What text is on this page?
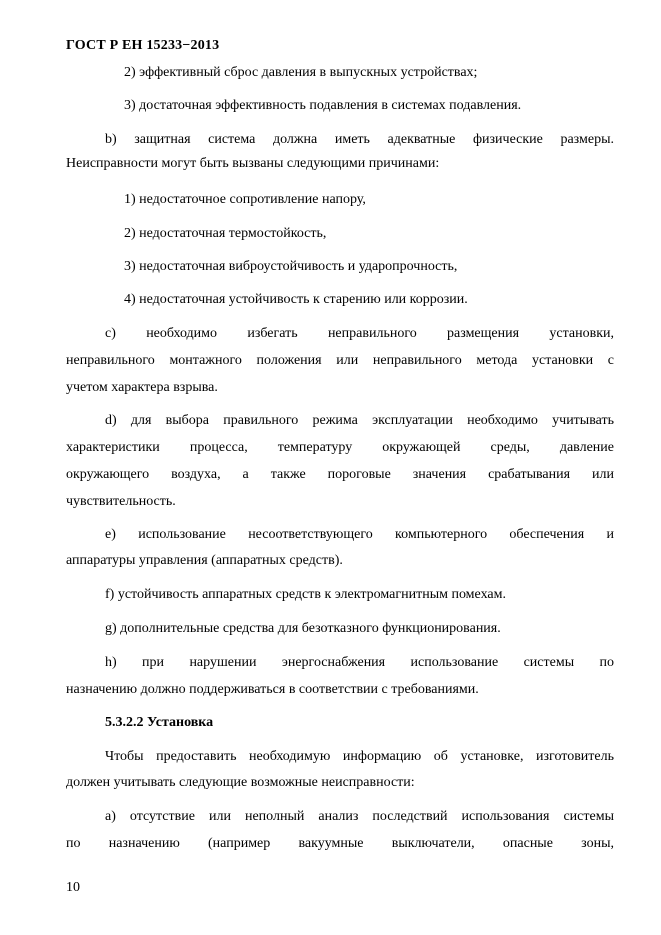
ГОСТ Р ЕН 15233−2013
2) эффективный сброс давления в выпускных устройствах;
3) достаточная эффективность подавления в системах подавления.
b) защитная система должна иметь адекватные физические размеры.
Неисправности могут быть вызваны следующими причинами:
1) недостаточное сопротивление напору,
2) недостаточная термостойкость,
3) недостаточная виброустойчивость и ударопрочность,
4) недостаточная устойчивость к старению или коррозии.
c) необходимо избегать неправильного размещения установки,
неправильного монтажного положения или неправильного метода установки с
учетом характера взрыва.
d) для выбора правильного режима эксплуатации необходимо учитывать
характеристики процесса, температуру окружающей среды, давление
окружающего воздуха, а также пороговые значения срабатывания или
чувствительность.
e) использование несоответствующего компьютерного обеспечения и
аппаратуры управления (аппаратных средств).
f) устойчивость аппаратных средств к электромагнитным помехам.
g) дополнительные средства для безотказного функционирования.
h) при нарушении энергоснабжения использование системы по
назначению должно поддерживаться в соответствии с требованиями.
5.3.2.2 Установка
Чтобы предоставить необходимую информацию об установке, изготовитель
должен учитывать следующие возможные неисправности:
a) отсутствие или неполный анализ последствий использования системы
по назначению (например вакуумные выключатели, опасные зоны,
10
